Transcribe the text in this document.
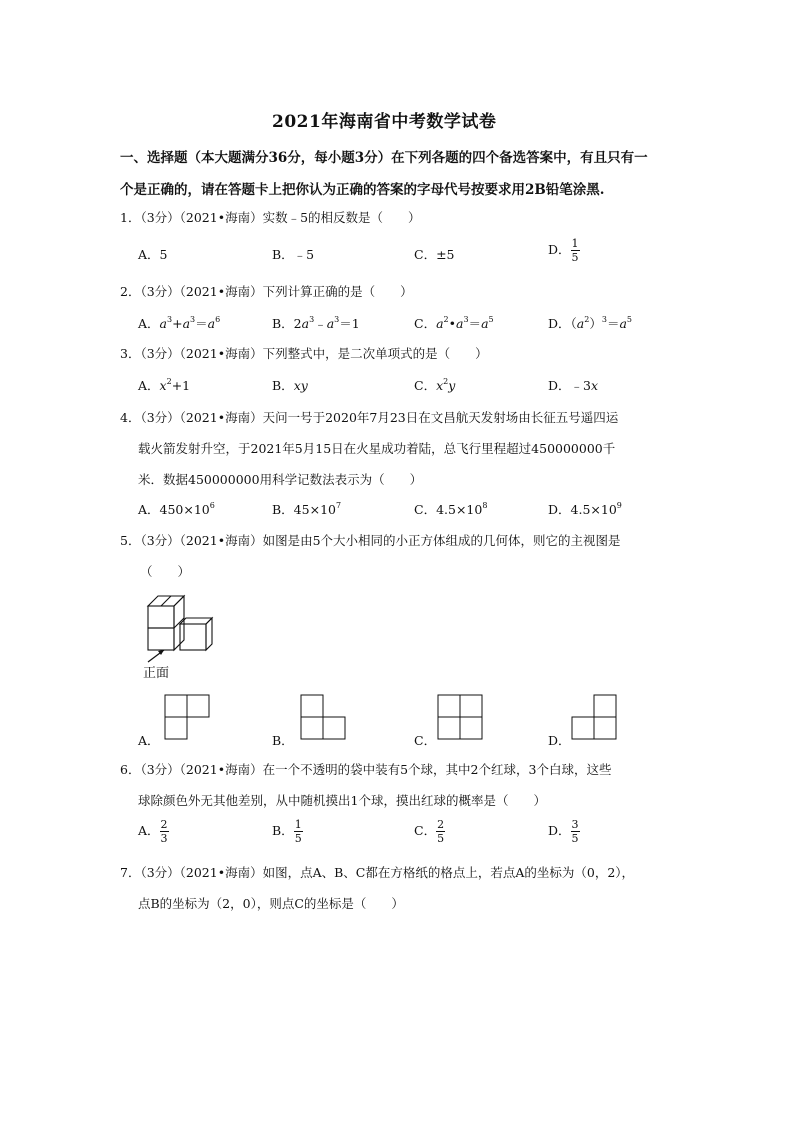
2021年海南省中考数学试卷
一、选择题（本大题满分36分，每小题3分）在下列各题的四个备选答案中，有且只有一
个是正确的，请在答题卡上把你认为正确的答案的字母代号按要求用2B铅笔涂黑.
1．（3分）（2021•海南）实数﹣5的相反数是（　　）
A．5	B．﹣5	C．±5	D． $\frac{1}{5}$
2．（3分）（2021•海南）下列计算正确的是（　　）
A．$a^3+a^3=a^6$	B．$2a^3﹣a^3=1$	C．$a^2•a^3=a^5$	D．$(a^2)^3=a^5$
3．（3分）（2021•海南）下列整式中，是二次单项式的是（　　）
A．$x^2+1$	B．xy	C．$x^2y$	D．﹣3x
4．（3分）（2021•海南）天问一号于2020年7月23日在文昌航天发射场由长征五号遥四运
载火箭发射升空，于2021年5月15日在火星成功着陆，总飞行里程超过450000000千
米．数据450000000用科学记数法表示为（　　）
A．$450\times 10^6$	B．$45\times 10^7$	C．$4.5\times 10^8$	D．$4.5\times 10^9$
5．（3分）（2021•海南）如图是由5个大小相同的小正方体组成的几何体，则它的主视图是
（　　）
正面
A．	B．	C．	D．
6．（3分）（2021•海南）在一个不透明的袋中装有5个球，其中2个红球，3个白球，这些
球除颜色外无其他差别，从中随机摸出1个球，摸出红球的概率是（　　）
A． $\frac{2}{3}$	B． $\frac{1}{5}$	C． $\frac{2}{5}$	D． $\frac{3}{5}$
7．（3分）（2021•海南）如图，点A、B、C都在方格纸的格点上，若点A的坐标为（0，2），
点B的坐标为（2，0），则点C的坐标是（　　）
